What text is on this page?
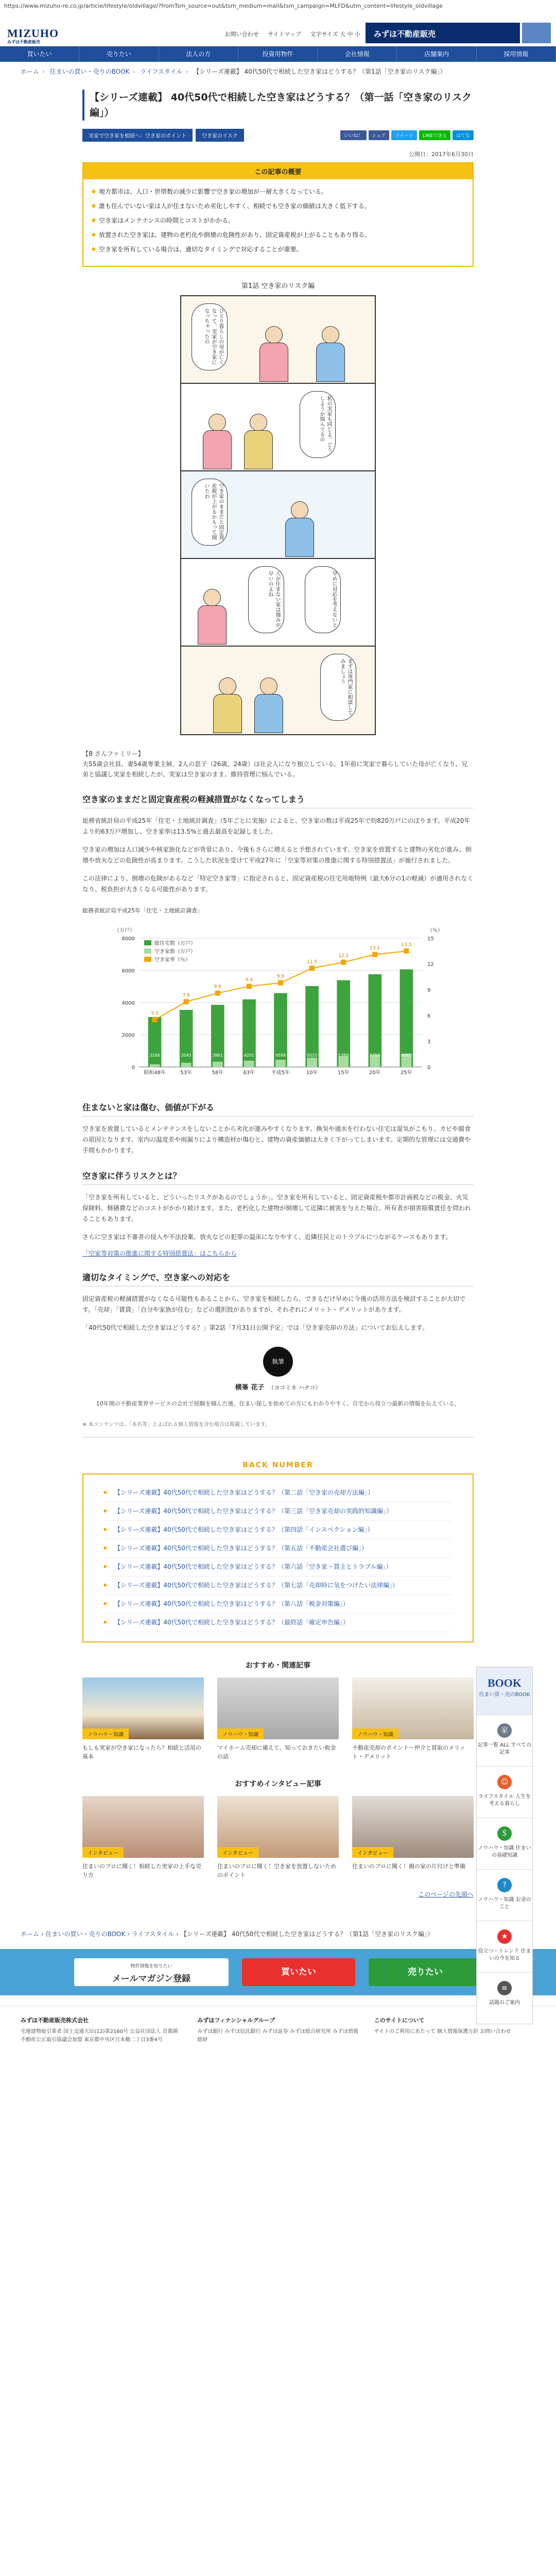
https://www.mizuho-re.co.jp/article/lifestyle/oldvillage/?fromTsm_source=out&tsm_medium=mail&tsm_campaign=MLFD&utm_content=lifestyle_oldvillage
MIZUHO
みずほ不動産販売
お問い合わせ サイトマップ 文字サイズ 大 中 小	みずほ不動産販売
買いたい	売りたい	法人の方	投資用物件	会社情報	店舗案内	採用情報
ホーム › 住まいの買い・売りのBOOK › ライフスタイル › 【シリーズ連載】 40代50代で相続した空き家はどうする？（第1話「空き家のリスク編」）
【シリーズ連載】 40代50代で相続した空き家はどうする？（第一話「空き家のリスク編」）
実家で空き家を相続へ：空き家のポイント	空き家のリスク	いいね！	シェア	ツイート	LINEで送る	はてな
公開日：2017年6月30日
この記事の概要
● 地方都市は、人口・世帯数の減少に影響で空き家の増加が一層大きくなっている。
● 誰も住んでいない家は人が住まないため劣化しやすく、相続でも空き家の価値は大きく低下する。
● 空き家はメンテナンスの時間とコストがかかる。
● 放置された空き家は、建物の老朽化や倒壊の危険性があり、固定資産税が上がることもあり得る。
● 空き家を所有している場合は、適切なタイミングで対応することが重要。
第1話 空き家のリスク編
ひとり暮らしの母が亡くなって、実家が空き家になっちゃったの
私の実家も同じよ。どうしようか悩んでるの
空き家のままだと固定資産税が上がるかもって聞いたわ
人が住まない家は傷みが早いのよね	早めに対応を考えないと
まずは専門家に相談してみましょう
【B さんファミリー】
夫55歳会社員、妻54歳専業主婦。2人の息子（26歳、24歳）は社会人になり独立している。1年前に実家で暮らしていた母が亡くなり、兄弟と協議し実家を相続したが、実家は空き家のまま。維持管理に悩んでいる。
空き家のままだと固定資産税の軽減措置がなくなってしまう

総務省統計局の平成25年「住宅・土地統計調査」（5年ごとに実施）によると、空き家の数は平成25年で約820万戸にのぼります。平成20年より約63万戸増加し、空き家率は13.5%と過去最高を記録しました。

空き家の増加は人口減少や核家族化などが背景にあり、今後もさらに増えると予想されています。空き家を放置すると建物の劣化が進み、倒壊や放火などの危険性が高まります。こうした状況を受けて平成27年に「空家等対策の推進に関する特別措置法」が施行されました。

この法律により、倒壊の危険があるなど「特定空き家等」に指定されると、固定資産税の住宅用地特例（最大6分の1の軽減）が適用されなくなり、税負担が大きくなる可能性があります。

総務省統計局平成25年「住宅・土地統計調査」
0
2000
4000
6000
8000
0
3
6
9
12
15
（万戸）	（％）
総住宅数（万戸）
空き家数（万戸）
空き家率（％）
3106
昭和48年
5.5
3545
53年
7.6
3861
58年
8.6
4201
63年
9.4
4588
平成5年
9.8
5025
10年
11.5
5389
15年
12.2
5759
20年
13.1
6063
25年
13.5
住まないと家は傷む、価値が下がる

空き家を放置しているとメンテナンスをしないことから劣化が進みやすくなります。換気や通水を行わない住宅は湿気がこもり、カビや腐食の原因となります。室内の温度差や雨漏りにより構造材が傷むと、建物の資産価値は大きく下がってしまいます。定期的な管理には交通費や手間もかかります。

空き家に伴うリスクとは？

「空き家を所有していると、どういったリスクがあるのでしょうか」。空き家を所有していると、固定資産税や都市計画税などの税金、火災保険料、修繕費などのコストがかかり続けます。また、老朽化した建物が倒壊して近隣に被害を与えた場合、所有者が損害賠償責任を問われることもあります。

さらに空き家は不審者の侵入や不法投棄、放火などの犯罪の温床になりやすく、近隣住民とのトラブルにつながるケースもあります。

「空家等対策の推進に関する特別措置法」はこちらから
適切なタイミングで、空き家への対応を

固定資産税の軽減措置がなくなる可能性もあることから、空き家を相続したら、できるだけ早めに今後の活用方法を検討することが大切です。「売却」「賃貸」「自分や家族が住む」などの選択肢がありますが、それぞれにメリット・デメリットがあります。

「40代50代で相続した空き家はどうする？」第2話「7月31日公開予定」では「空き家売却の方法」についてお伝えします。

執筆
横峯 花子 （ヨコミネ ハナコ）
10年間の不動産業界サービスの会社で経験を積んだ後、住まい探しを始めての方にもわかりやすく、自宅から役立つ最新の情報を伝えている。
※ 本コンテンツは、「本名等」とよばれる個人情報を含む場合は掲載しています。
BACK NUMBER
▶ 【シリーズ連載】40代50代で相続した空き家はどうする？（第二話「空き家の売却方法編」）
▶ 【シリーズ連載】40代50代で相続した空き家はどうする？（第三話「空き家売却の実践的知識編」）
▶ 【シリーズ連載】40代50代で相続した空き家はどうする？（第四話「インスペクション編」）
▶ 【シリーズ連載】40代50代で相続した空き家はどうする？（第五話「不動産会社選び編」）
▶ 【シリーズ連載】40代50代で相続した空き家はどうする？（第六話「空き家・買主とトラブル編」）
▶ 【シリーズ連載】40代50代で相続した空き家はどうする？（第七話「売却時に気をつけたい法律編」）
▶ 【シリーズ連載】40代50代で相続した空き家はどうする？（第八話「税金対策編」）
▶ 【シリーズ連載】40代50代で相続した空き家はどうする？（最終話「確定申告編」）
おすすめ・関連記事
ノウハウ・知識
もしも実家が空き家になったら？相続と活用の基本
ノウハウ・知識
マイホーム売却に備えて、知っておきたい税金の話
ノウハウ・知識
不動産売却のポイント〜仲介と買取のメリット・デメリット
おすすめインタビュー記事
インタビュー
住まいのプロに聞く！相続した実家の上手な売り方
インタビュー
住まいのプロに聞く！空き家を放置しないためのポイント
インタビュー
住まいのプロに聞く！親の家の片付けと準備
このページの先頭へ
BOOK
住まい買・売のBOOK
家
記事一覧 ALL すべての記事
☺
ライフスタイル 人生を考える暮らし
＄
ノウハウ・知識 住まいの基礎知識
?
ノウハウ・知識 お金のこと
★
役立つ・トレンド 住まいの今を知る
≡
話題のご案内
ホーム › 住まいの買い・売りのBOOK › ライフスタイル › 【シリーズ連載】 40代50代で相続した空き家はどうする？（第1話「空き家のリスク編」）
物件情報を知りたい
メールマガジン登録
買いたい	売りたい
みずほ不動産販売株式会社
宅地建物取引業者 国土交通大臣(12)第2160号 公益社団法人 首都圏不動産公正取引協議会加盟 東京都中央区日本橋二丁目3番4号
みずほフィナンシャルグループ
みずほ銀行 みずほ信託銀行 みずほ証券 みずほ総合研究所 みずほ情報総研
このサイトについて
サイトのご利用にあたって 個人情報保護方針 お問い合わせ
